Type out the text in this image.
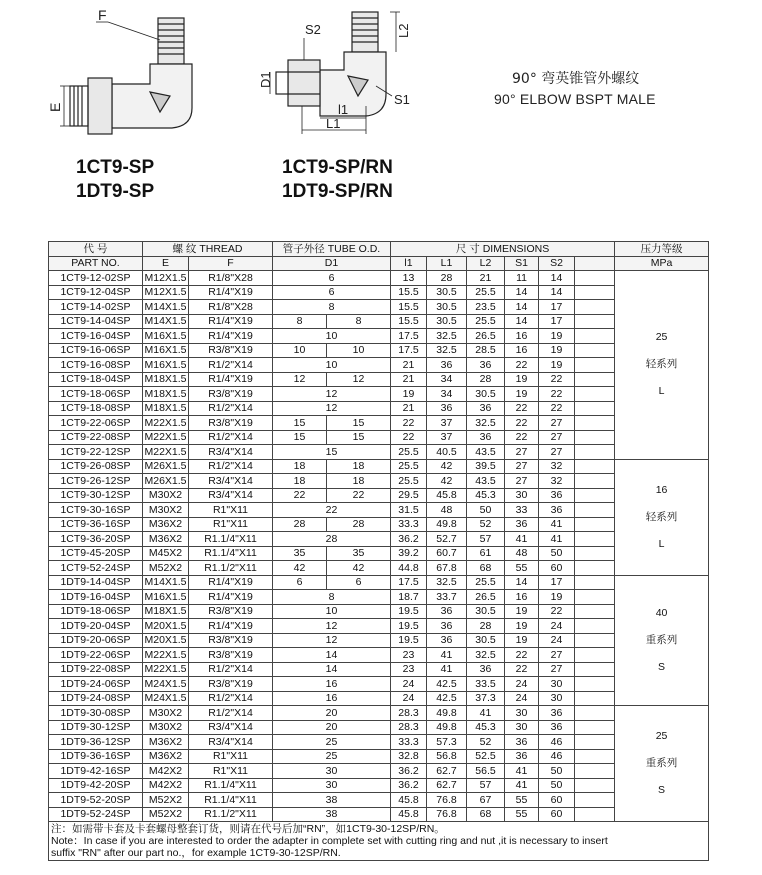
F
E
S2	L2
D1
S1
l1
L1
1CT9-SP
1DT9-SP
1CT9-SP/RN
1DT9-SP/RN
90° 弯英锥管外螺纹
90° ELBOW BSPT MALE
代 号	螺 纹 THREAD		管子外径 TUBE O.D.		尺 寸 DIMENSIONS						压力等级
PART NO.	E	F	D1		l1	L1	L2	S1	S2		MPa
1CT9-12-02SP	M12X1.5	R1/8"X28	6		13	28	21	11	14		25
轻系列
L

1CT9-12-04SP	M12X1.5	R1/4"X19	6		15.5	30.5	25.5	14	14		
1CT9-14-02SP	M14X1.5	R1/8"X28	8		15.5	30.5	23.5	14	17		
1CT9-14-04SP	M14X1.5	R1/4"X19	8	8	15.5	30.5	25.5	14	17		
1CT9-16-04SP	M16X1.5	R1/4"X19	10		17.5	32.5	26.5	16	19		
1CT9-16-06SP	M16X1.5	R3/8"X19	10	10	17.5	32.5	28.5	16	19		
1CT9-16-08SP	M16X1.5	R1/2"X14	10		21	36	36	22	19		
1CT9-18-04SP	M18X1.5	R1/4"X19	12	12	21	34	28	19	22		
1CT9-18-06SP	M18X1.5	R3/8"X19	12		19	34	30.5	19	22		
1CT9-18-08SP	M18X1.5	R1/2"X14	12		21	36	36	22	22		
1CT9-22-06SP	M22X1.5	R3/8"X19	15	15	22	37	32.5	22	27		
1CT9-22-08SP	M22X1.5	R1/2"X14	15	15	22	37	36	22	27		
1CT9-22-12SP	M22X1.5	R3/4"X14	15		25.5	40.5	43.5	27	27		
1CT9-26-08SP	M26X1.5	R1/2"X14	18	18	25.5	42	39.5	27	32		16
轻系列
L

1CT9-26-12SP	M26X1.5	R3/4"X14	18	18	25.5	42	43.5	27	32		
1CT9-30-12SP	M30X2	R3/4"X14	22	22	29.5	45.8	45.3	30	36		
1CT9-30-16SP	M30X2	R1"X11	22		31.5	48	50	33	36		
1CT9-36-16SP	M36X2	R1"X11	28	28	33.3	49.8	52	36	41		
1CT9-36-20SP	M36X2	R1.1/4"X11	28		36.2	52.7	57	41	41		
1CT9-45-20SP	M45X2	R1.1/4"X11	35	35	39.2	60.7	61	48	50		
1CT9-52-24SP	M52X2	R1.1/2"X11	42	42	44.8	67.8	68	55	60		
1DT9-14-04SP	M14X1.5	R1/4"X19	6	6	17.5	32.5	25.5	14	17		40
重系列
S

1DT9-16-04SP	M16X1.5	R1/4"X19	8		18.7	33.7	26.5	16	19		
1DT9-18-06SP	M18X1.5	R3/8"X19	10		19.5	36	30.5	19	22		
1DT9-20-04SP	M20X1.5	R1/4"X19	12		19.5	36	28	19	24		
1DT9-20-06SP	M20X1.5	R3/8"X19	12		19.5	36	30.5	19	24		
1DT9-22-06SP	M22X1.5	R3/8"X19	14		23	41	32.5	22	27		
1DT9-22-08SP	M22X1.5	R1/2"X14	14		23	41	36	22	27		
1DT9-24-06SP	M24X1.5	R3/8"X19	16		24	42.5	33.5	24	30		
1DT9-24-08SP	M24X1.5	R1/2"X14	16		24	42.5	37.3	24	30		
1DT9-30-08SP	M30X2	R1/2"X14	20		28.3	49.8	41	30	36		25
重系列
S

1DT9-30-12SP	M30X2	R3/4"X14	20		28.3	49.8	45.3	30	36		
1DT9-36-12SP	M36X2	R3/4"X14	25		33.3	57.3	52	36	46		
1DT9-36-16SP	M36X2	R1"X11	25		32.8	56.8	52.5	36	46		
1DT9-42-16SP	M42X2	R1"X11	30		36.2	62.7	56.5	41	50		
1DT9-42-20SP	M42X2	R1.1/4"X11	30		36.2	62.7	57	41	50		
1DT9-52-20SP	M52X2	R1.1/4"X11	38		45.8	76.8	67	55	60		
1DT9-52-24SP	M52X2	R1.1/2"X11	38		45.8	76.8	68	55	60		

注：如需带卡套及卡套螺母整套订货，则请在代号后加“RN”，如1CT9-30-12SP/RN。
Note：In case if you are interested to order the adapter in complete set with cutting ring and nut ,it is necessary to insert
suffix "RN" after our part no.，for example 1CT9-30-12SP/RN.											
